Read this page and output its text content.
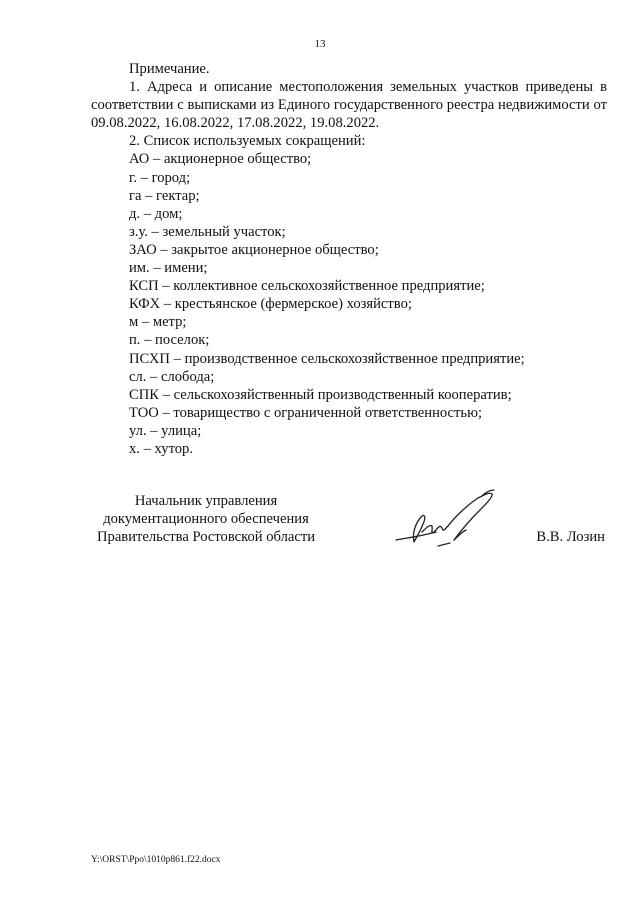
13

Примечание.

1. Адреса и описание местоположения земельных участков приведены в соответствии с выписками из Единого государственного реестра недвижимости от 09.08.2022, 16.08.2022, 17.08.2022, 19.08.2022.

2. Список используемых сокращений:

АО – акционерное общество;
г. – город;
га – гектар;
д. – дом;
з.у. – земельный участок;
ЗАО – закрытое акционерное общество;
им. – имени;
КСП – коллективное сельскохозяйственное предприятие;
КФХ – крестьянское (фермерское) хозяйство;
м – метр;
п. – поселок;
ПСХП – производственное сельскохозяйственное предприятие;
сл. – слобода;
СПК – сельскохозяйственный производственный кооператив;
ТОО – товарищество с ограниченной ответственностью;
ул. – улица;
х. – хутор.
Начальник управления
документационного обеспечения
Правительства Ростовской области	В.В. Лозин
Y:\ORST\Ppo\1010p861.f22.docx
